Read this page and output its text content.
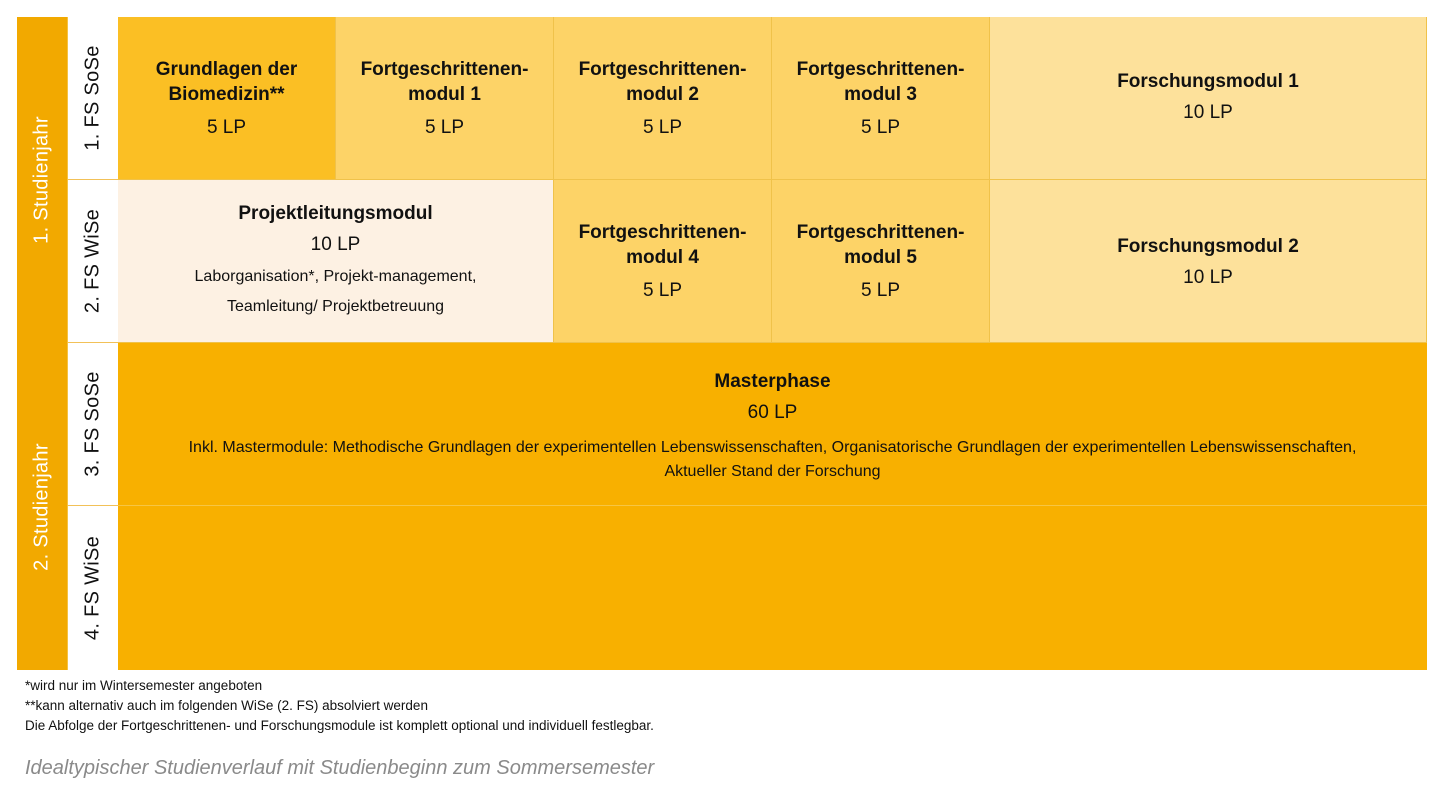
1. Studienjahr
2. Studienjahr
1. FS SoSe
2. FS WiSe
3. FS SoSe
4. FS WiSe
Grundlagen der Biomedizin**
5 LP
Fortgeschrittenen-modul 1
5 LP
Fortgeschrittenen-modul 2
5 LP
Fortgeschrittenen-modul 3
5 LP
Forschungsmodul 1
10 LP
Projektleitungsmodul
10 LP
Laborganisation*, Projekt-management,
Teamleitung/ Projektbetreuung
Fortgeschrittenen-modul 4
5 LP
Fortgeschrittenen-modul 5
5 LP
Forschungsmodul 2
10 LP
Masterphase
60 LP
Inkl. Mastermodule: Methodische Grundlagen der experimentellen Lebenswissenschaften, Organisatorische Grundlagen der experimentellen Lebenswissenschaften, Aktueller Stand der Forschung
*wird nur im Wintersemester angeboten
**kann alternativ auch im folgenden WiSe (2. FS) absolviert werden
Die Abfolge der Fortgeschrittenen- und Forschungsmodule ist komplett optional und individuell festlegbar.
Idealtypischer Studienverlauf mit Studienbeginn zum Sommersemester
